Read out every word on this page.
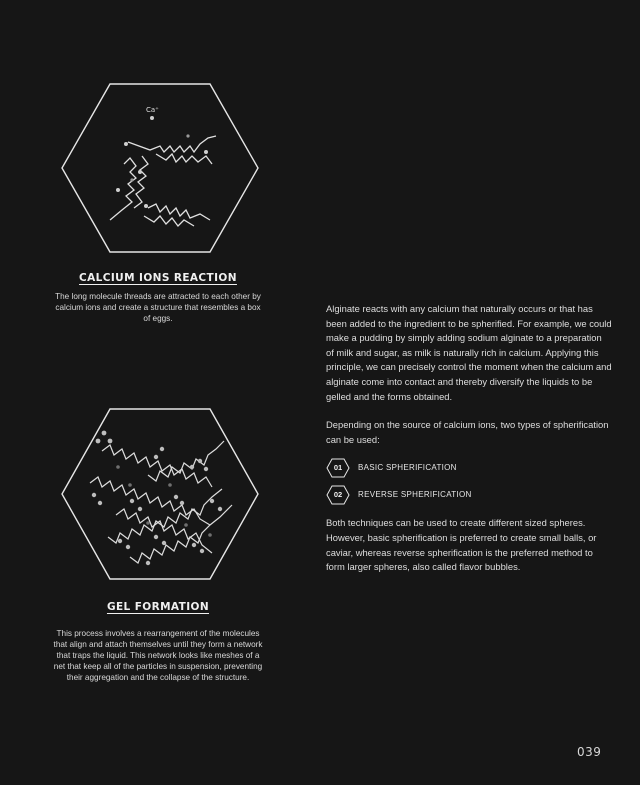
Ca⁺
CALCIUM IONS REACTION
The long molecule threads are attracted to each other by calcium ions and create a structure that resembles a box of eggs.
GEL FORMATION
This process involves a rearrangement of the molecules that align and attach themselves until they form a network that traps the liquid. This network looks like meshes of a net that keep all of the particles in suspension, preventing their aggregation and the collapse of the structure.

Alginate reacts with any calcium that naturally occurs or that has been added to the ingredient to be spherified. For example, we could make a pudding by simply adding sodium alginate to a preparation of milk and sugar, as milk is naturally rich in calcium. Applying this principle, we can precisely control the moment when the calcium and alginate come into contact and thereby diversify the liquids to be gelled and the forms obtained.

Depending on the source of calcium ions, two types of spherification can be used:

01	BASIC SPHERIFICATION
02	REVERSE SPHERIFICATION

Both techniques can be used to create different sized spheres. However, basic spherification is preferred to create small balls, or caviar, whereas reverse spherification is the preferred method to form larger spheres, also called flavor bubbles.

039
